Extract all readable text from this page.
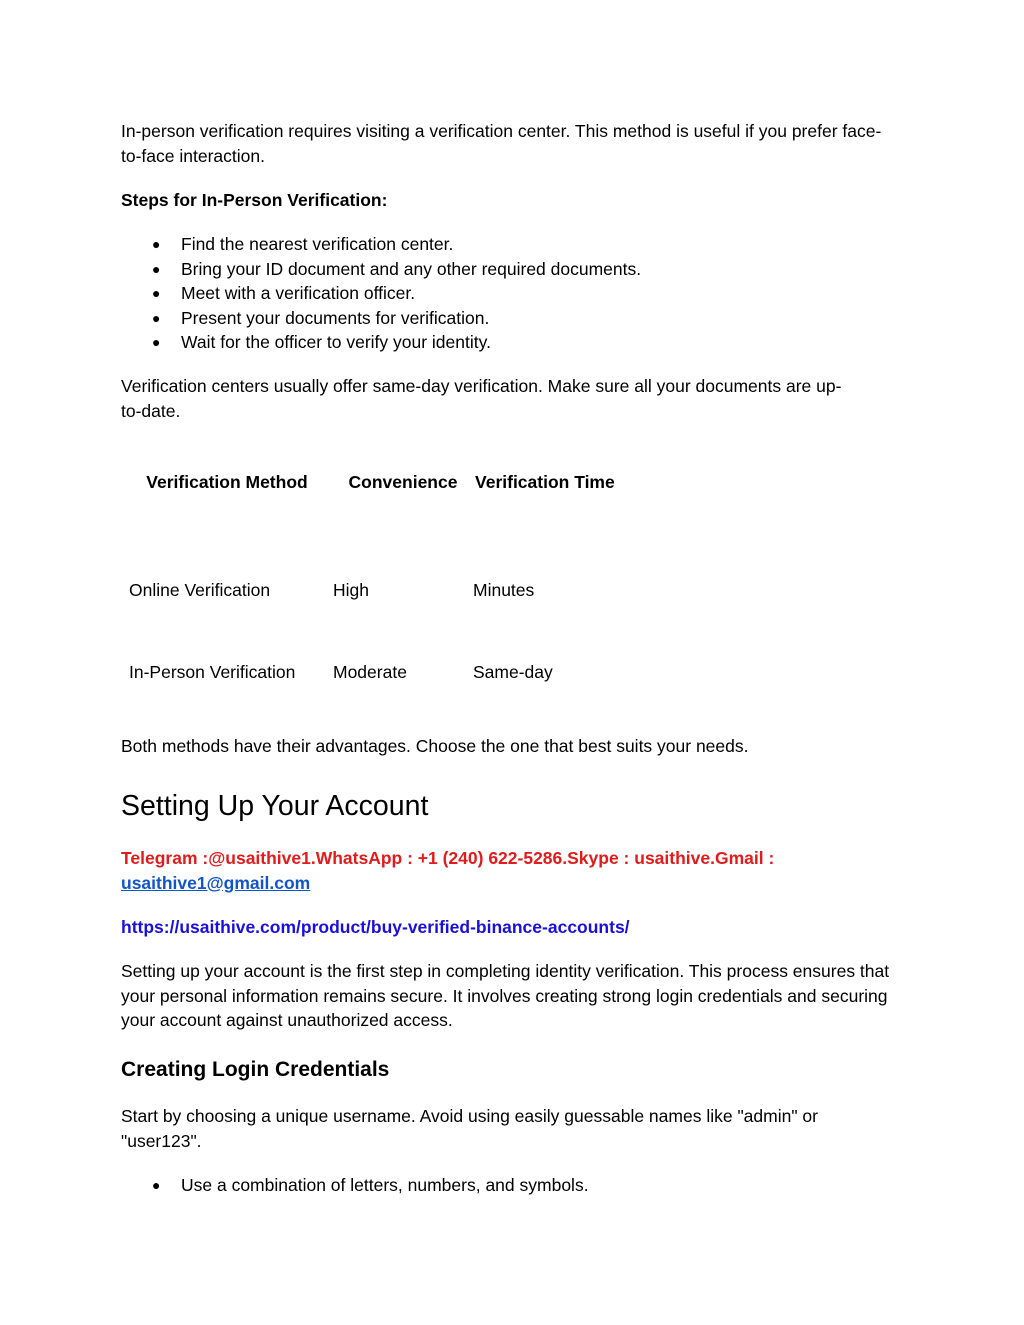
In-person verification requires visiting a verification center. This method is useful if you prefer face-to-face interaction.

Steps for In-Person Verification:

● Find the nearest verification center.
● Bring your ID document and any other required documents.
● Meet with a verification officer.
● Present your documents for verification.
● Wait for the officer to verify your identity.

Verification centers usually offer same-day verification. Make sure all your documents are up-to-date.

Verification Method	Convenience	Verification Time
Online Verification	High	Minutes
In-Person Verification	Moderate	Same-day

Both methods have their advantages. Choose the one that best suits your needs.

Setting Up Your Account

Telegram :@usaithive1.WhatsApp : +1 (240) 622-5286.Skype : usaithive.Gmail :
usaithive1@gmail.com

https://usaithive.com/product/buy-verified-binance-accounts/

Setting up your account is the first step in completing identity verification. This process ensures that your personal information remains secure. It involves creating strong login credentials and securing your account against unauthorized access.

Creating Login Credentials

Start by choosing a unique username. Avoid using easily guessable names like "admin" or "user123".

● Use a combination of letters, numbers, and symbols.
